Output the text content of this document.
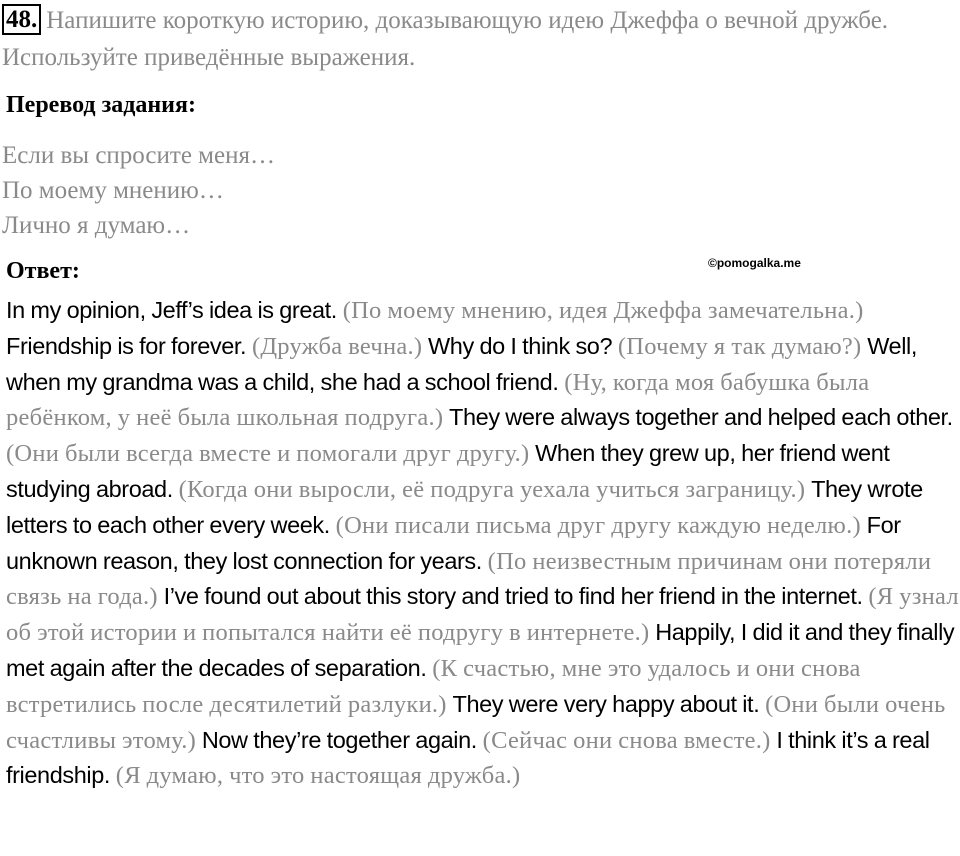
48. Напишите короткую историю, доказывающую идею Джеффа о вечной дружбе. Используйте приведённые выражения.
Перевод задания:
Если вы спросите меня…
По моему мнению…
Лично я думаю…
Ответ:	©pomogalka.me
In my opinion, Jeff’s idea is great. (По моему мнению, идея Джеффа замечательна.) Friendship is for forever. (Дружба вечна.) Why do I think so? (Почему я так думаю?) Well, when my grandma was a child, she had a school friend. (Ну, когда моя бабушка была ребёнком, у неё была школьная подруга.) They were always together and helped each other. (Они были всегда вместе и помогали друг другу.) When they grew up, her friend went studying abroad. (Когда они выросли, её подруга уехала учиться заграницу.) They wrote letters to each other every week. (Они писали письма друг другу каждую неделю.) For unknown reason, they lost connection for years. (По неизвестным причинам они потеряли связь на года.) I’ve found out about this story and tried to find her friend in the internet. (Я узнал об этой истории и попытался найти её подругу в интернете.) Happily, I did it and they finally met again after the decades of separation. (К счастью, мне это удалось и они снова встретились после десятилетий разлуки.) They were very happy about it. (Они были очень счастливы этому.) Now they’re together again. (Сейчас они снова вместе.) I think it’s a real friendship. (Я думаю, что это настоящая дружба.)
